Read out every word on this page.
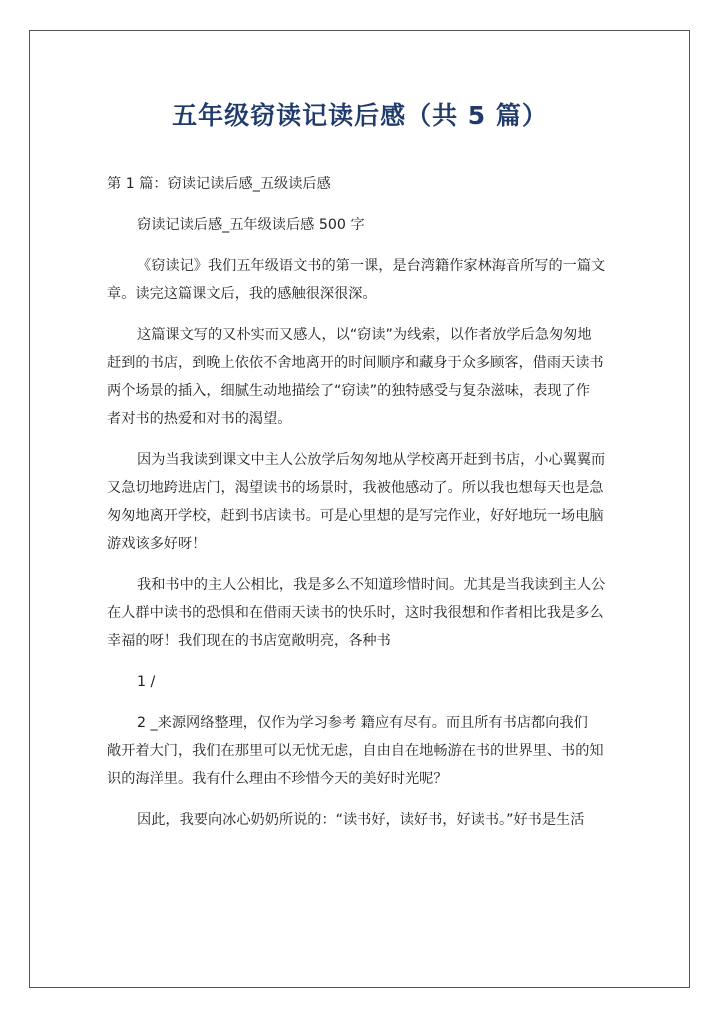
五年级窃读记读后感（共 5 篇）

第 1 篇：窃读记读后感_五级读后感

窃读记读后感_五年级读后感 500 字

《窃读记》我们五年级语文书的第一课，是台湾籍作家林海音所写的一篇文

章。读完这篇课文后，我的感触很深很深。

这篇课文写的又朴实而又感人，以“窃读”为线索，以作者放学后急匆匆地

赶到的书店，到晚上依依不舍地离开的时间顺序和藏身于众多顾客，借雨天读书

两个场景的插入，细腻生动地描绘了“窃读”的独特感受与复杂滋味，表现了作

者对书的热爱和对书的渴望。

因为当我读到课文中主人公放学后匆匆地从学校离开赶到书店，小心翼翼而

又急切地跨进店门，渴望读书的场景时，我被他感动了。所以我也想每天也是急

匆匆地离开学校，赶到书店读书。可是心里想的是写完作业，好好地玩一场电脑

游戏该多好呀！

我和书中的主人公相比，我是多么不知道珍惜时间。尤其是当我读到主人公

在人群中读书的恐惧和在借雨天读书的快乐时，这时我很想和作者相比我是多么

幸福的呀！我们现在的书店宽敞明亮，各种书

1 /

2 _来源网络整理，仅作为学习参考 籍应有尽有。而且所有书店都向我们

敞开着大门，我们在那里可以无忧无虑，自由自在地畅游在书的世界里、书的知

识的海洋里。我有什么理由不珍惜今天的美好时光呢？

因此，我要向冰心奶奶所说的：“读书好，读好书，好读书。”好书是生活
